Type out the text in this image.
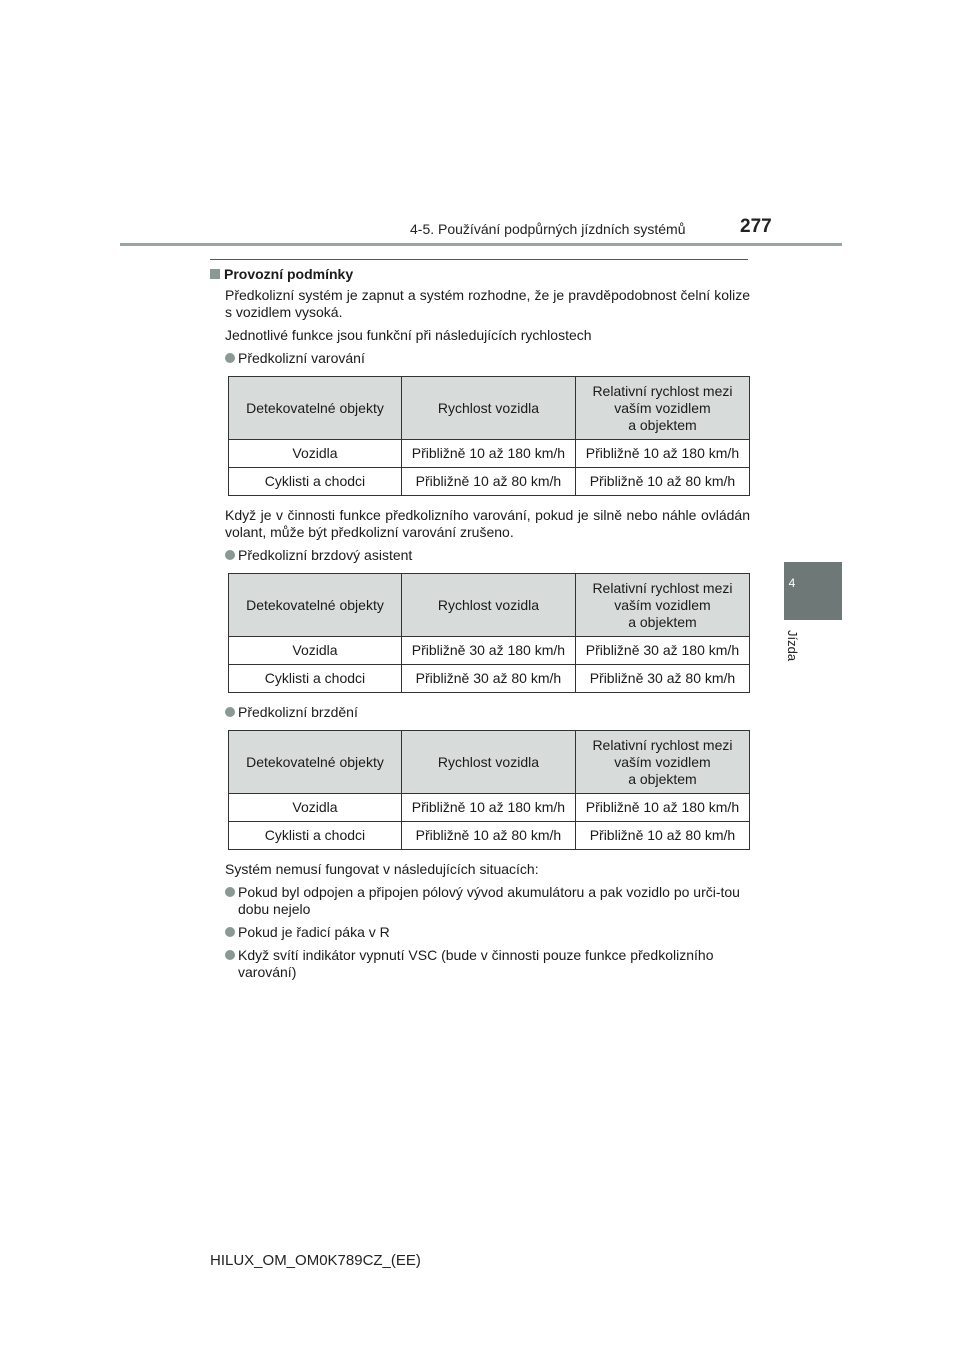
4-5. Používání podpůrných jízdních systémů	277
4
Jízda
Provozní podmínky
Předkolizní systém je zapnut a systém rozhodne, že je pravděpodobnost čelní kolize s vozidlem vysoká.
Jednotlivé funkce jsou funkční při následujících rychlostech
Předkolizní varování
Detekovatelné objekty	Rychlost vozidla	Relativní rychlost mezi
vaším vozidlem
a objektem
Vozidla	Přibližně 10 až 180 km/h	Přibližně 10 až 180 km/h
Cyklisti a chodci	Přibližně 10 až 80 km/h	Přibližně 10 až 80 km/h
Když je v činnosti funkce předkolizního varování, pokud je silně nebo náhle ovládán volant, může být předkolizní varování zrušeno.
Předkolizní brzdový asistent
Detekovatelné objekty	Rychlost vozidla	Relativní rychlost mezi
vaším vozidlem
a objektem
Vozidla	Přibližně 30 až 180 km/h	Přibližně 30 až 180 km/h
Cyklisti a chodci	Přibližně 30 až 80 km/h	Přibližně 30 až 80 km/h
Předkolizní brzdění
Detekovatelné objekty	Rychlost vozidla	Relativní rychlost mezi
vaším vozidlem
a objektem
Vozidla	Přibližně 10 až 180 km/h	Přibližně 10 až 180 km/h
Cyklisti a chodci	Přibližně 10 až 80 km/h	Přibližně 10 až 80 km/h
Systém nemusí fungovat v následujících situacích:
Pokud byl odpojen a připojen pólový vývod akumulátoru a pak vozidlo po urči-tou dobu nejelo
Pokud je řadicí páka v R
Když svítí indikátor vypnutí VSC (bude v činnosti pouze funkce předkolizního varování)
HILUX_OM_OM0K789CZ_(EE)
